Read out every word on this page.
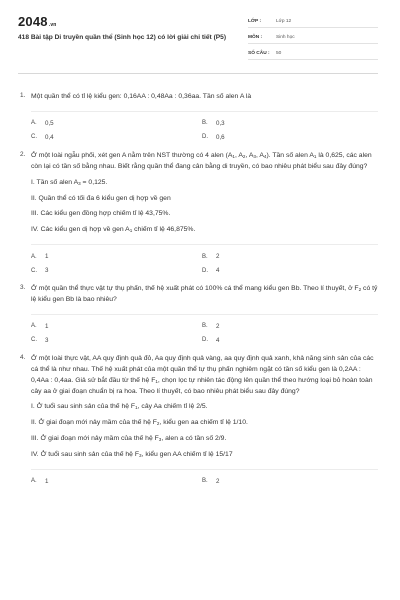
2048.vn
418 Bài tập Di truyền quần thể (Sinh học 12) có lời giải chi tiết (P5)
LỚP :	Lớp 12
MÔN :	Sinh học
SỐ CÂU :	50
1. Một quần thể có tỉ lệ kiểu gen: 0,16AA : 0,48Aa : 0,36aa. Tần số alen A là
A.	0,5	B.	0,3
C.	0,4	D.	0,6
2. Ở một loài ngẫu phối, xét gen A nằm trên NST thường có 4 alen ($A_1$, $A_2$, $A_3$, $A_4$). Tần số alen $A_1$ là 0,625, các alen còn lại có tần số bằng nhau. Biết rằng quần thể đang cân bằng di truyền, có bao nhiêu phát biểu sau đây đúng?
I. Tần số alen $A_3 = 0,125$.
II. Quần thể có tối đa 6 kiểu gen dị hợp về gen
III. Các kiểu gen đồng hợp chiếm tỉ lệ 43,75%.
IV. Các kiểu gen dị hợp về gen $A_1$ chiếm tỉ lệ 46,875%.
A.	1	B.	2
C.	3	D.	4
3. Ở một quần thể thực vật tự thụ phấn, thế hệ xuất phát có 100% cá thể mang kiểu gen Bb. Theo lí thuyết, ở $F_2$ có tỷ lệ kiểu gen Bb là bao nhiêu?
A.	1	B.	2
C.	3	D.	4
4. Ở một loài thực vật, AA quy định quả đỏ, Aa quy định quả vàng, aa quy định quả xanh, khả năng sinh sản của các cá thể là như nhau. Thế hệ xuất phát của một quần thể tự thụ phấn nghiêm ngặt có tần số kiểu gen là 0,2AA : 0,4Aa : 0,4aa. Giả sử bắt đầu từ thế hệ $F_1$, chọn lọc tự nhiên tác động lên quần thể theo hướng loại bỏ hoàn toàn cây aa ở giai đoạn chuẩn bị ra hoa. Theo lí thuyết, có bao nhiêu phát biểu sau đây đúng?
I. Ở tuổi sau sinh sản của thế hệ $F_1$, cây Aa chiếm tỉ lệ 2/5.
II. Ở giai đoạn mới nảy mầm của thế hệ $F_2$, kiểu gen aa chiếm tỉ lệ 1/10.
III. Ở giai đoạn mới nảy mầm của thế hệ $F_3$, alen a có tần số 2/9.
IV. Ở tuổi sau sinh sản của thế hệ $F_3$, kiểu gen AA chiếm tỉ lệ 15/17
A.	1	B.	2
